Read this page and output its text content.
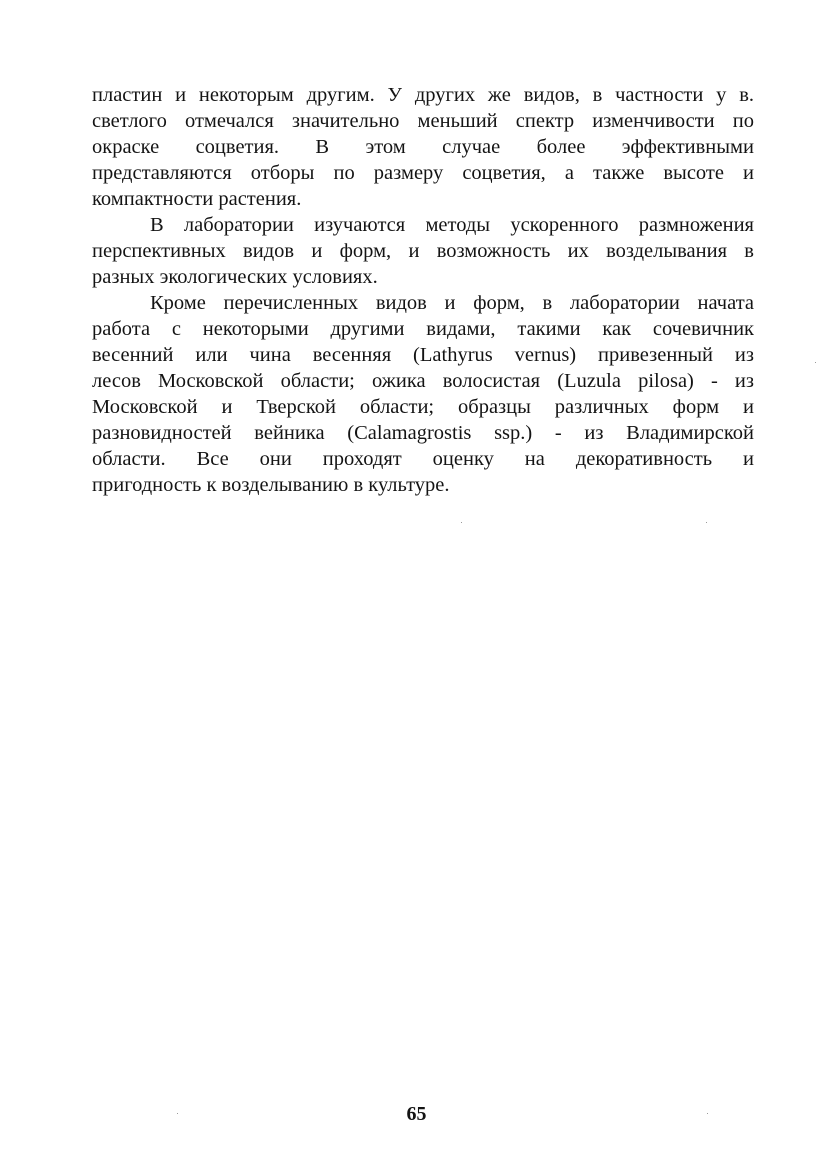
пластин и некоторым другим. У других же видов, в частности у в.
светлого отмечался значительно меньший спектр изменчивости по
окраске соцветия. В этом случае более эффективными
представляются отборы по размеру соцветия, а также высоте и
компактности растения.
В лаборатории изучаются методы ускоренного размножения
перспективных видов и форм, и возможность их возделывания в
разных экологических условиях.
Кроме перечисленных видов и форм, в лаборатории начата
работа с некоторыми другими видами, такими как сочевичник
весенний или чина весенняя (Lathyrus vernus) привезенный из
лесов Московской области; ожика волосистая (Luzula pilosa) - из
Московской и Тверской области; образцы различных форм и
разновидностей вейника (Calamagrostis ssp.) - из Владимирской
области. Все они проходят оценку на декоративность и
пригодность к возделыванию в культуре.
65
